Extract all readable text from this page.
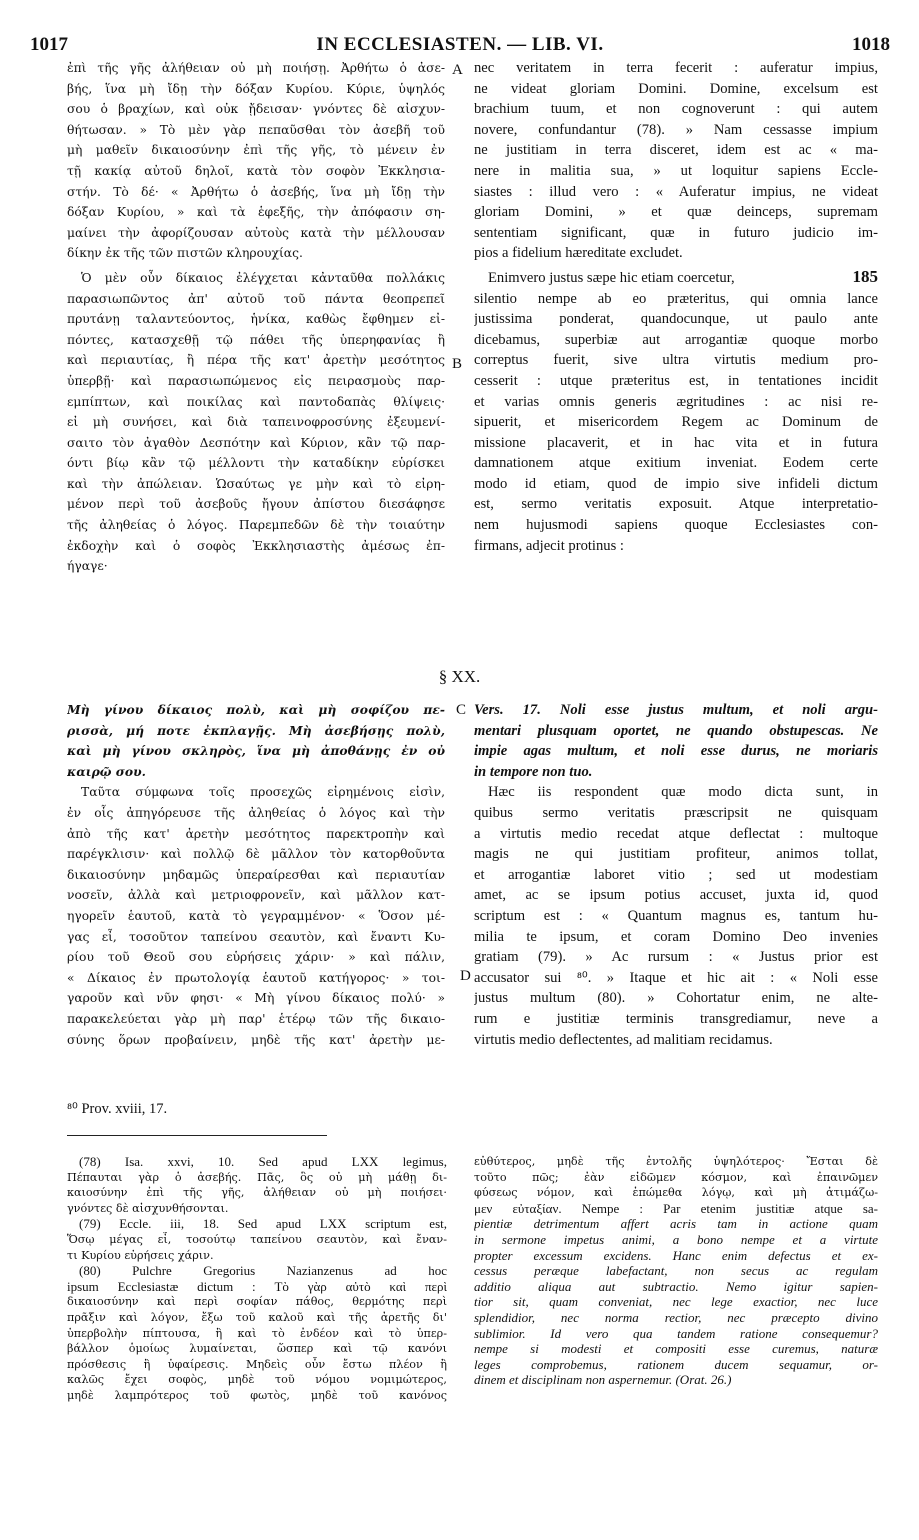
1017	IN ECCLESIASTEN. — LIB. VI.	1018
A
B
C
D
ἐπὶ τῆς γῆς ἀλήθειαν οὐ μὴ ποιήσῃ. Ἀρθήτω ὁ ἀσε-
βής, ἵνα μὴ ἴδῃ τὴν δόξαν Κυρίου. Κύριε, ὑψηλός
σου ὁ βραχίων, καὶ οὐκ ᾔδεισαν· γνόντες δὲ αἰσχυν-
θήτωσαν. » Τὸ μὲν γὰρ πεπαῦσθαι τὸν ἀσεβῆ τοῦ
μὴ μαθεῖν δικαιοσύνην ἐπὶ τῆς γῆς, τὸ μένειν ἐν
τῇ κακίᾳ αὐτοῦ δηλοῖ, κατὰ τὸν σοφὸν Ἐκκλησια-
στήν. Τὸ δέ· « Ἀρθήτω ὁ ἀσεβής, ἵνα μὴ ἴδῃ τὴν
δόξαν Κυρίου, » καὶ τὰ ἑφεξῆς, τὴν ἀπόφασιν ση-
μαίνει τὴν ἀφορίζουσαν αὐτοὺς κατὰ τὴν μέλλουσαν
δίκην ἐκ τῆς τῶν πιστῶν κληρουχίας.
Ὁ μὲν οὖν δίκαιος ἐλέγχεται κἀνταῦθα πολλάκις
παρασιωπῶντος ἀπ' αὐτοῦ τοῦ πάντα θεοπρεπεῖ
πρυτάνῃ ταλαντεύοντος, ἡνίκα, καθὼς ἔφθημεν εἰ-
πόντες, κατασχεθῇ τῷ πάθει τῆς ὑπερηφανίας ἢ
καὶ περιαυτίας, ἢ πέρα τῆς κατ' ἀρετὴν μεσότητος
ὑπερβῇ· καὶ παρασιωπώμενος εἰς πειρασμοὺς παρ-
εμπίπτων, καὶ ποικίλας καὶ παντοδαπὰς θλίψεις·
εἰ μὴ συνήσει, καὶ διὰ ταπεινοφροσύνης ἐξευμενί-
σαιτο τὸν ἀγαθὸν Δεσπότην καὶ Κύριον, κἂν τῷ παρ-
όντι βίῳ κἂν τῷ μέλλοντι τὴν καταδίκην εὑρίσκει
καὶ τὴν ἀπώλειαν. Ὡσαύτως γε μὴν καὶ τὸ εἰρη-
μένον περὶ τοῦ ἀσεβοῦς ἤγουν ἀπίστου διεσάφησε
τῆς ἀληθείας ὁ λόγος. Παρεμπεδῶν δὲ τὴν τοιαύτην
ἐκδοχὴν καὶ ὁ σοφὸς Ἐκκλησιαστὴς ἀμέσως ἐπ-
ήγαγε·
nec veritatem in terra fecerit : auferatur impius,
ne videat gloriam Domini. Domine, excelsum est
brachium tuum, et non cognoverunt : qui autem
novere, confundantur (78). » Nam cessasse impium
ne justitiam in terra disceret, idem est ac « ma-
nere in malitia sua, » ut loquitur sapiens Eccle-
siastes : illud vero : « Auferatur impius, ne videat
gloriam Domini, » et quæ deinceps, supremam
sententiam significant, quæ in futuro judicio im-
pios a fidelium hæreditate excludet.
Enimvero justus sæpe hic etiam coercetur,	185
silentio nempe ab eo præteritus, qui omnia lance
justissima ponderat, quandocunque, ut paulo ante
dicebamus, superbiæ aut arrogantiæ quoque morbo
correptus fuerit, sive ultra virtutis medium pro-
cesserit : utque præteritus est, in tentationes incidit
et varias omnis generis ægritudines : ac nisi re-
sipuerit, et misericordem Regem ac Dominum de
missione placaverit, et in hac vita et in futura
damnationem atque exitium inveniat. Eodem certe
modo id etiam, quod de impio sive infideli dictum
est, sermo veritatis exposuit. Atque interpretatio-
nem hujusmodi sapiens quoque Ecclesiastes con-
firmans, adjecit protinus :
§ XX.
Μὴ γίνου δίκαιος πολὺ, καὶ μὴ σοφίζου πε-
ρισσὰ, μή ποτε ἐκπλαγῇς. Μὴ ἀσεβήσῃς πολὺ,
καὶ μὴ γίνου σκληρὸς, ἵνα μὴ ἀποθάνῃς ἐν οὐ
καιρῷ σου.
Ταῦτα σύμφωνα τοῖς προσεχῶς εἰρημένοις εἰσὶν,
ἐν οἷς ἀπηγόρευσε τῆς ἀληθείας ὁ λόγος καὶ τὴν
ἀπὸ τῆς κατ' ἀρετὴν μεσότητος παρεκτροπὴν καὶ
παρέγκλισιν· καὶ πολλῷ δὲ μᾶλλον τὸν κατορθοῦντα
δικαιοσύνην μηδαμῶς ὑπεραίρεσθαι καὶ περιαυτίαν
νοσεῖν, ἀλλὰ καὶ μετριοφρονεῖν, καὶ μᾶλλον κατ-
ηγορεῖν ἑαυτοῦ, κατὰ τὸ γεγραμμένον· « Ὅσον μέ-
γας εἶ, τοσοῦτον ταπείνου σεαυτὸν, καὶ ἔναντι Κυ-
ρίου τοῦ Θεοῦ σου εὑρήσεις χάριν· » καὶ πάλιν,
« Δίκαιος ἐν πρωτολογίᾳ ἑαυτοῦ κατήγορος· » τοι-
γαροῦν καὶ νῦν φησι· « Μὴ γίνου δίκαιος πολύ· »
παρακελεύεται γὰρ μὴ παρ' ἑτέρῳ τῶν τῆς δικαιο-
σύνης ὅρων προβαίνειν, μηδὲ τῆς κατ' ἀρετὴν με-
Vers. 17. Noli esse justus multum, et noli argu-
mentari plusquam oportet, ne quando obstupescas. Ne
impie agas multum, et noli esse durus, ne moriaris
in tempore non tuo.
Hæc iis respondent quæ modo dicta sunt, in
quibus sermo veritatis præscripsit ne quisquam
a virtutis medio recedat atque deflectat : multoque
magis ne qui justitiam profiteur, animos tollat,
et arrogantiæ laboret vitio ; sed ut modestiam
amet, ac se ipsum potius accuset, juxta id, quod
scriptum est : « Quantum magnus es, tantum hu-
milia te ipsum, et coram Domino Deo invenies
gratiam (79). » Ac rursum : « Justus prior est
accusator sui ⁸⁰. » Itaque et hic ait : « Noli esse
justus multum (80). » Cohortatur enim, ne alte-
rum e justitiæ terminis transgrediamur, neve a
virtutis medio deflectentes, ad malitiam recidamus.
⁸⁰ Prov. xviii, 17.
(78) Isa. xxvi, 10. Sed apud LXX legimus,
Πέπαυται γὰρ ὁ ἀσεβής. Πᾶς, ὃς οὐ μὴ μάθῃ δι-
καιοσύνην ἐπὶ τῆς γῆς, ἀλήθειαν οὐ μὴ ποιήσει·
γνόντες δὲ αἰσχυνθήσονται.
(79) Eccle. iii, 18. Sed apud LXX scriptum est,
Ὅσῳ μέγας εἶ, τοσούτῳ ταπείνου σεαυτὸν, καὶ ἔναν-
τι Κυρίου εὑρήσεις χάριν.
(80) Pulchre Gregorius Nazianzenus ad hoc
ipsum Ecclesiastæ dictum : Τὸ γὰρ αὐτὸ καὶ περὶ
δικαιοσύνην καὶ περὶ σοφίαν πάθος, θερμότης περὶ
πρᾶξιν καὶ λόγον, ἔξω τοῦ καλοῦ καὶ τῆς ἀρετῆς δι'
ὑπερβολὴν πίπτουσα, ἣ καὶ τὸ ἐνδέον καὶ τὸ ὑπερ-
βάλλον ὁμοίως λυμαίνεται, ὥσπερ καὶ τῷ κανόνι
πρόσθεσις ἢ ὑφαίρεσις. Μηδεὶς οὖν ἔστω πλέον ἢ
καλῶς ἔχει σοφὸς, μηδὲ τοῦ νόμου νομιμώτερος,
μηδὲ λαμπρότερος τοῦ φωτὸς, μηδὲ τοῦ κανόνος
εὐθύτερος, μηδὲ τῆς ἐντολῆς ὑψηλότερος· Ἔσται δὲ
τοῦτο πῶς; ἐὰν εἰδῶμεν κόσμον, καὶ ἐπαινῶμεν
φύσεως νόμον, καὶ ἑπώμεθα λόγῳ, καὶ μὴ ἀτιμάζω-
μεν εὐταξίαν. Nempe : Par etenim justitiæ atque sa-
pientiæ detrimentum affert acris tam in actione quam
in sermone impetus animi, a bono nempe et a virtute
propter excessum excidens. Hanc enim defectus et ex-
cessus peræque labefactant, non secus ac regulam
additio aliqua aut subtractio. Nemo igitur sapien-
tior sit, quam conveniat, nec lege exactior, nec luce
splendidior, nec norma rectior, nec præcepto divino
sublimior. Id vero qua tandem ratione consequemur?
nempe si modesti et compositi esse curemus, naturæ
leges comprobemus, rationem ducem sequamur, or-
dinem et disciplinam non aspernemur. (Orat. 26.)
